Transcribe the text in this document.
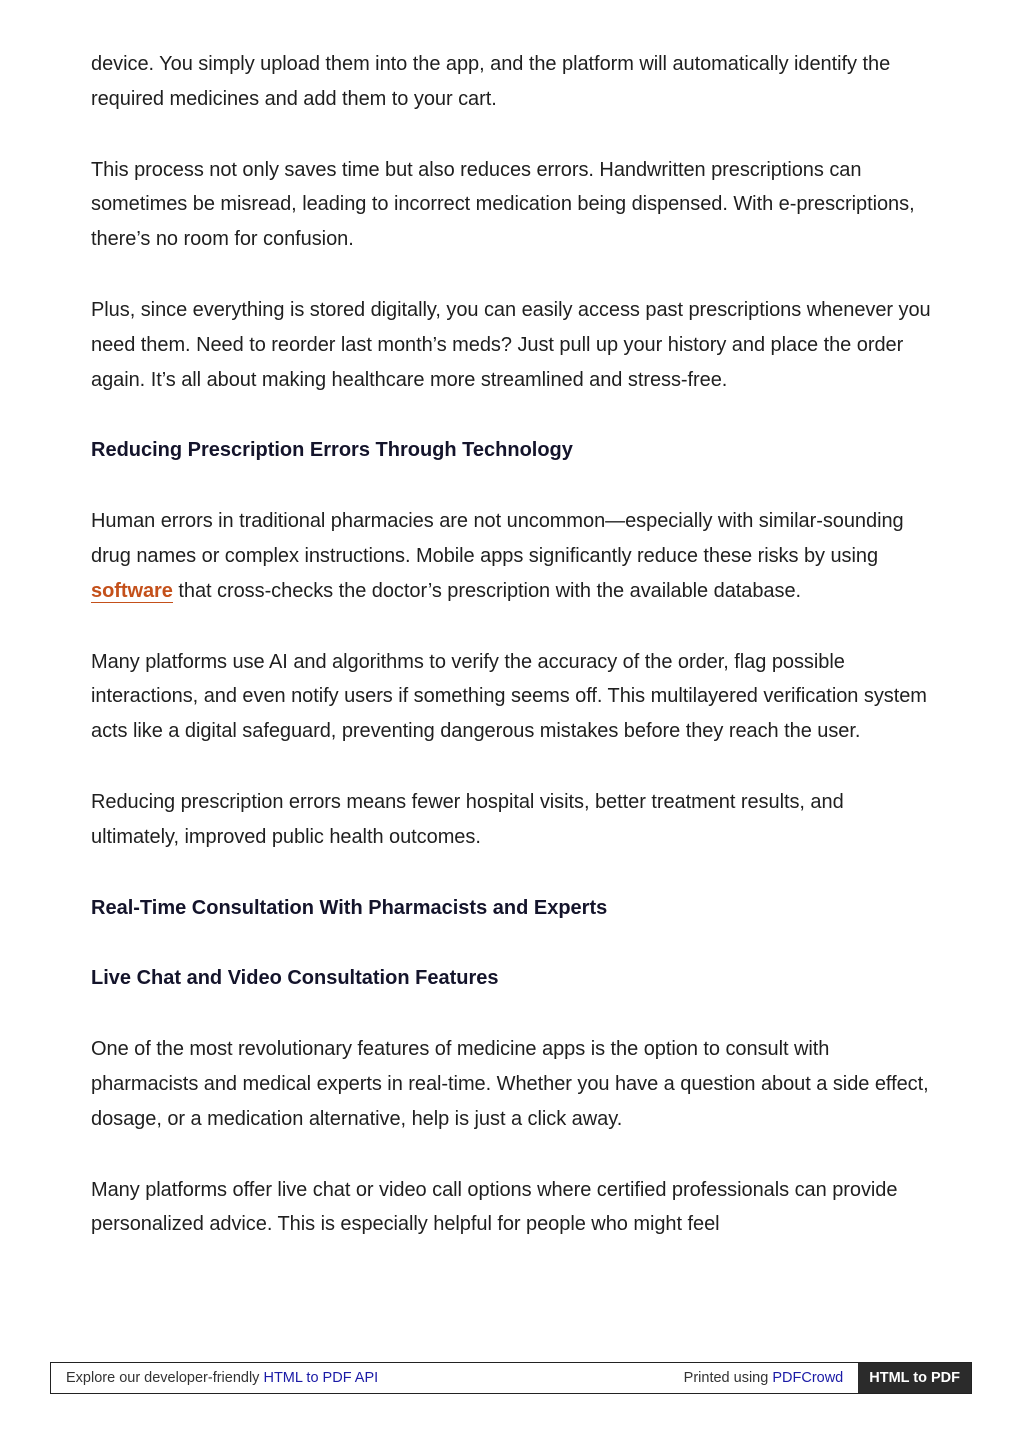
device. You simply upload them into the app, and the platform will automatically identify the required medicines and add them to your cart.

This process not only saves time but also reduces errors. Handwritten prescriptions can sometimes be misread, leading to incorrect medication being dispensed. With e-prescriptions, there’s no room for confusion.

Plus, since everything is stored digitally, you can easily access past prescriptions whenever you need them. Need to reorder last month’s meds? Just pull up your history and place the order again. It’s all about making healthcare more streamlined and stress-free.

Reducing Prescription Errors Through Technology

Human errors in traditional pharmacies are not uncommon—especially with similar-sounding drug names or complex instructions. Mobile apps significantly reduce these risks by using software that cross-checks the doctor’s prescription with the available database.

Many platforms use AI and algorithms to verify the accuracy of the order, flag possible interactions, and even notify users if something seems off. This multilayered verification system acts like a digital safeguard, preventing dangerous mistakes before they reach the user.

Reducing prescription errors means fewer hospital visits, better treatment results, and ultimately, improved public health outcomes.

Real-Time Consultation With Pharmacists and Experts

Live Chat and Video Consultation Features

One of the most revolutionary features of medicine apps is the option to consult with pharmacists and medical experts in real-time. Whether you have a question about a side effect, dosage, or a medication alternative, help is just a click away.

Many platforms offer live chat or video call options where certified professionals can provide personalized advice. This is especially helpful for people who might feel

Explore our developer-friendly HTML to PDF API	Printed using PDFCrowd	HTML to PDF
